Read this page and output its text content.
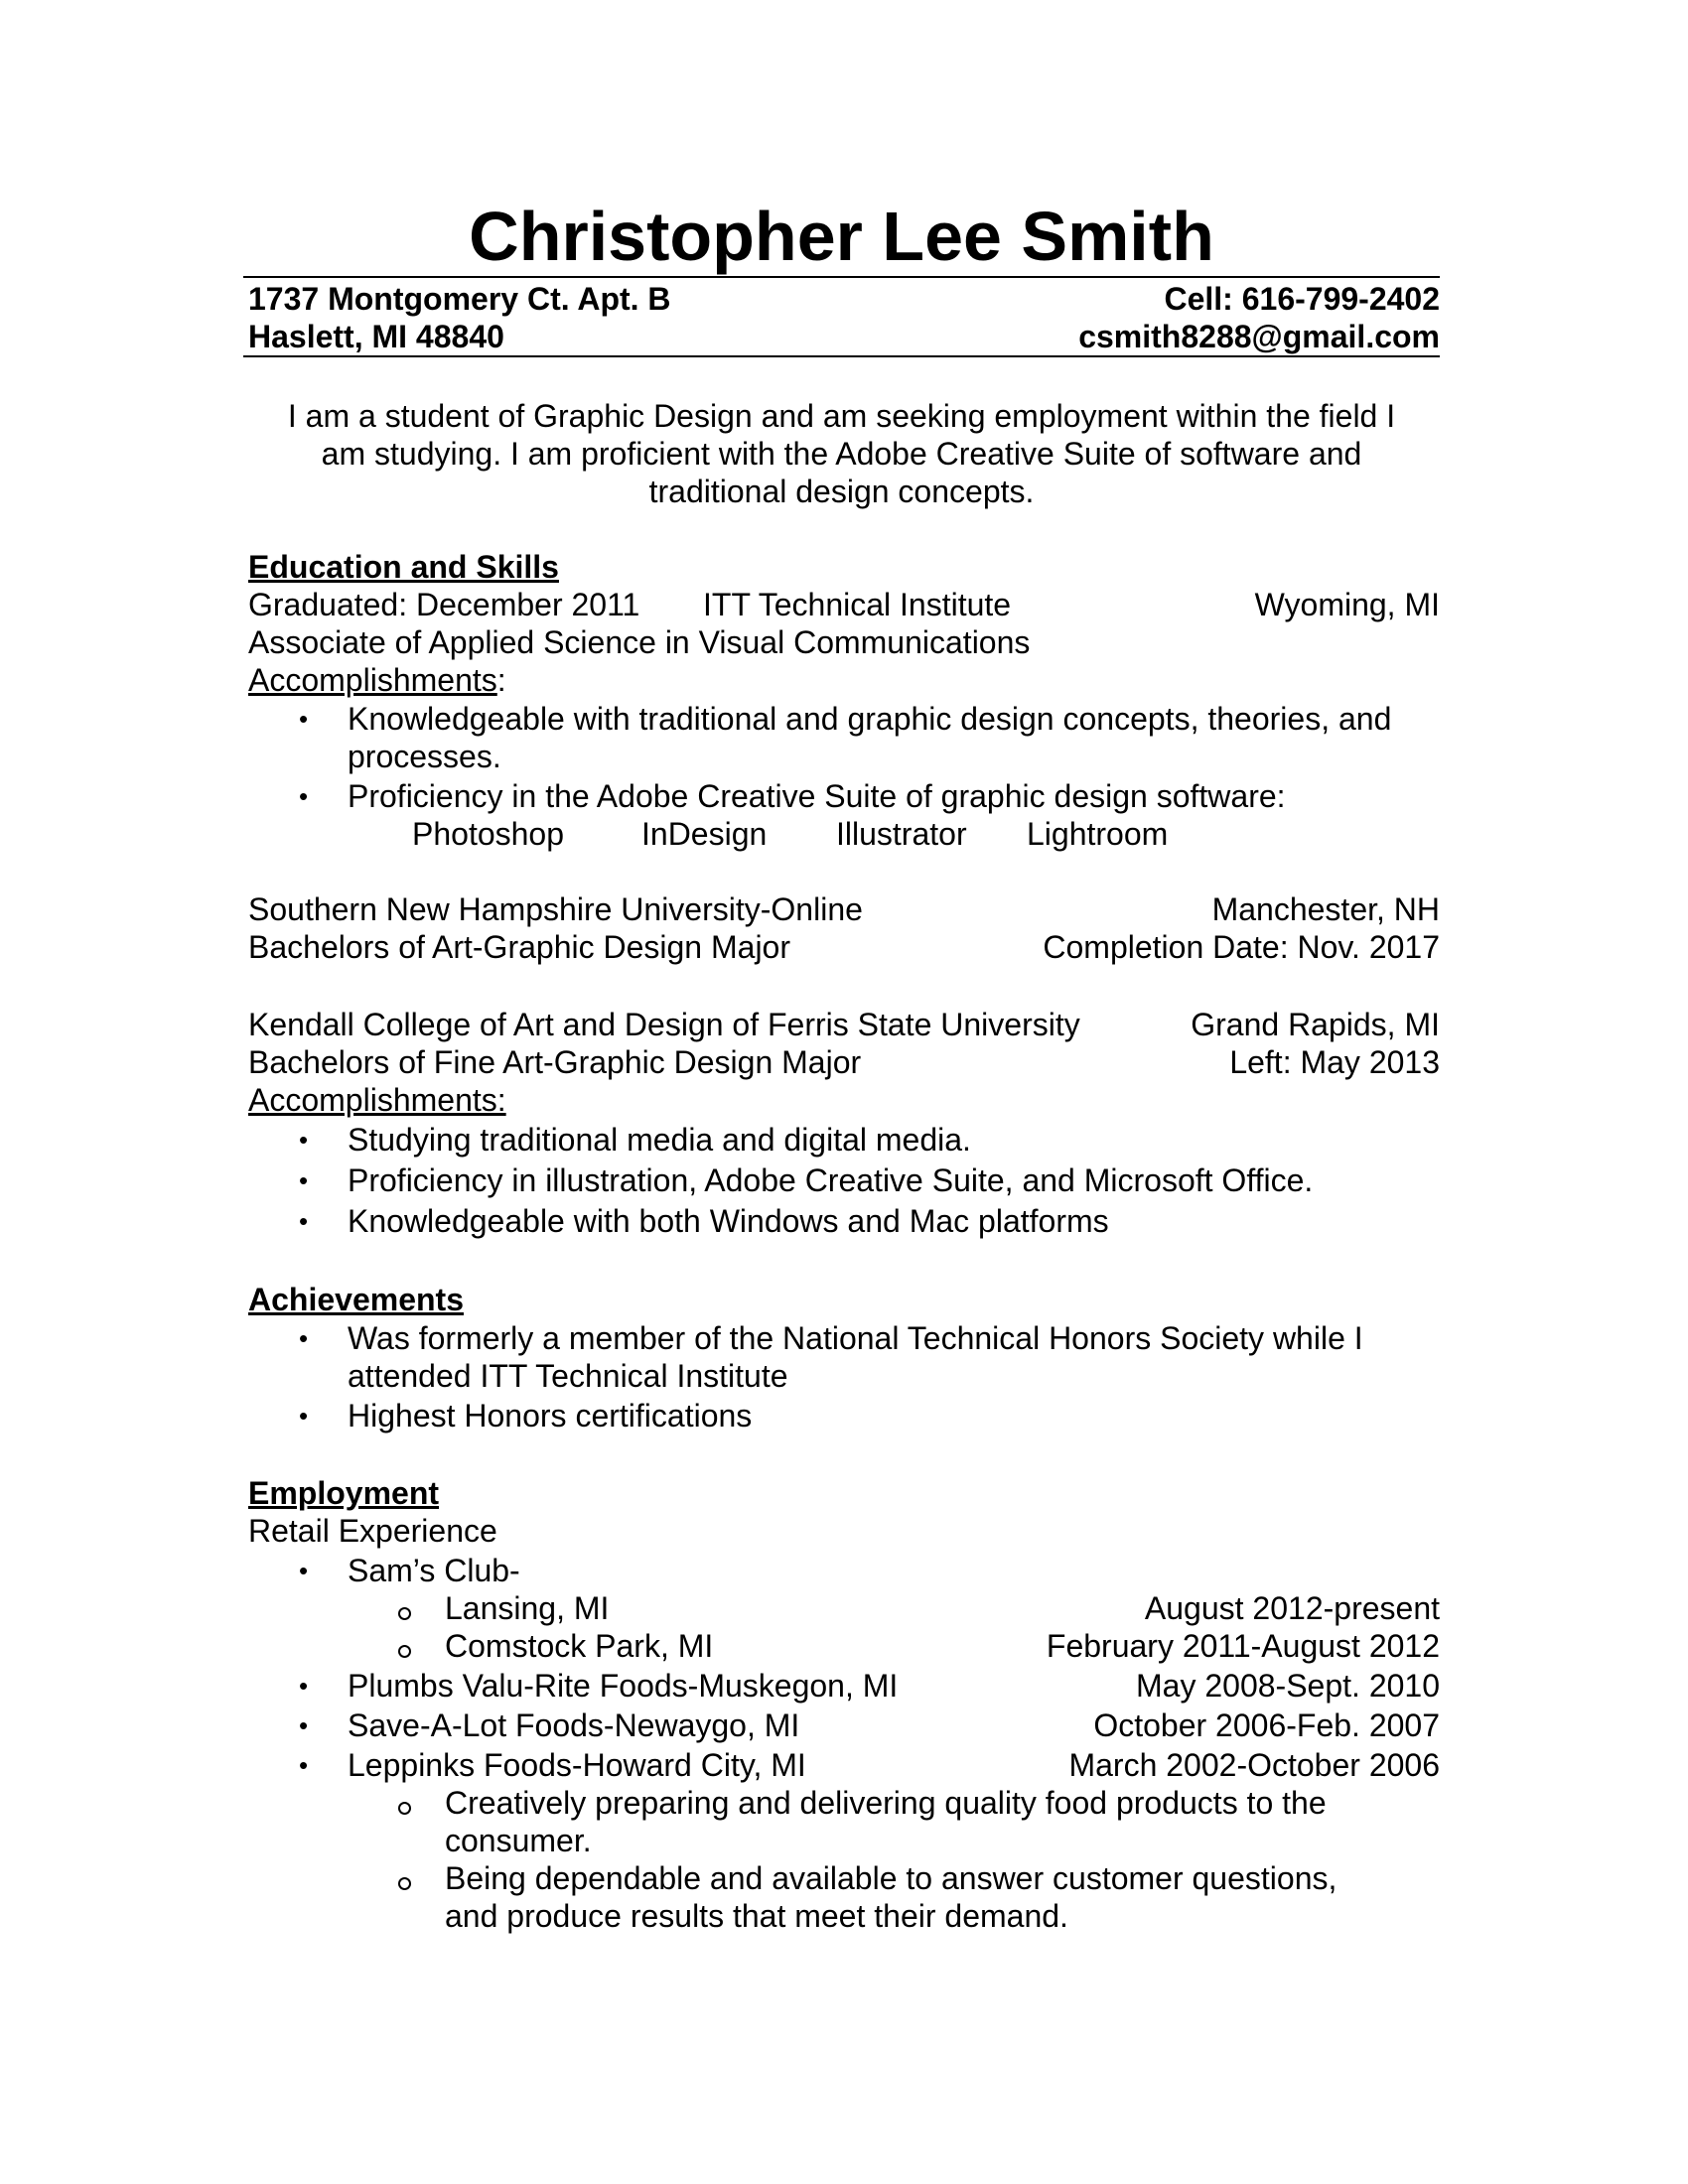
Christopher Lee Smith
1737 Montgomery Ct. Apt. B	Cell: 616-799-2402
Haslett, MI 48840	csmith8288@gmail.com
I am a student of Graphic Design and am seeking employment within the field I
am studying. I am proficient with the Adobe Creative Suite of software and
traditional design concepts.
Education and Skills
Graduated: December 2011 ITT Technical Institute	Wyoming, MI
Associate of Applied Science in Visual Communications
Accomplishments:
• Knowledgeable with traditional and graphic design concepts, theories, and
processes.
• Proficiency in the Adobe Creative Suite of graphic design software:
Photoshop InDesign Illustrator Lightroom
Southern New Hampshire University-Online	Manchester, NH
Bachelors of Art-Graphic Design Major	Completion Date: Nov. 2017
Kendall College of Art and Design of Ferris State University	Grand Rapids, MI
Bachelors of Fine Art-Graphic Design Major	Left: May 2013
Accomplishments:
• Studying traditional media and digital media.
• Proficiency in illustration, Adobe Creative Suite, and Microsoft Office.
• Knowledgeable with both Windows and Mac platforms
Achievements
• Was formerly a member of the National Technical Honors Society while I
attended ITT Technical Institute
• Highest Honors certifications
Employment
Retail Experience
• Sam’s Club-
Lansing, MI	August 2012-present
Comstock Park, MI	February 2011-August 2012
• Plumbs Valu-Rite Foods-Muskegon, MI	May 2008-Sept. 2010
• Save-A-Lot Foods-Newaygo, MI	October 2006-Feb. 2007
• Leppinks Foods-Howard City, MI	March 2002-October 2006
Creatively preparing and delivering quality food products to the
consumer.
Being dependable and available to answer customer questions,
and produce results that meet their demand.
